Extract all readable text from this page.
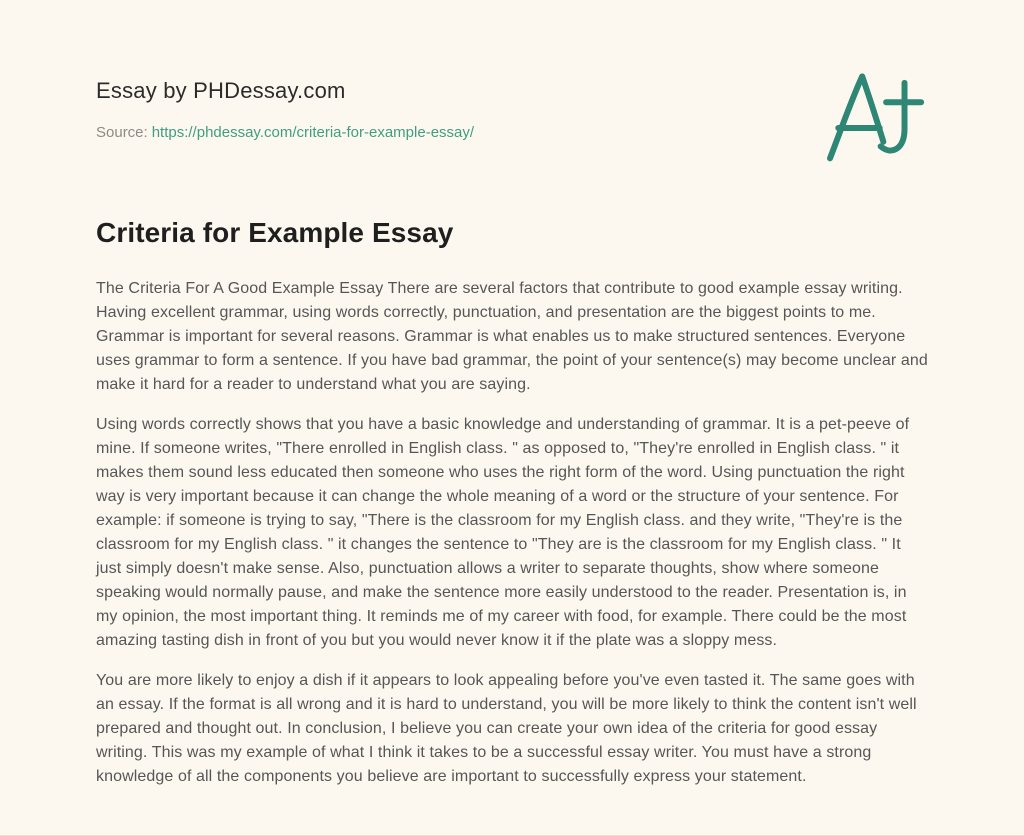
Essay by PHDessay.com
Source: https://phdessay.com/criteria-for-example-essay/
Criteria for Example Essay

The Criteria For A Good Example Essay There are several factors that contribute to good example essay writing. Having excellent grammar, using words correctly, punctuation, and presentation are the biggest points to me. Grammar is important for several reasons. Grammar is what enables us to make structured sentences. Everyone uses grammar to form a sentence. If you have bad grammar, the point of your sentence(s) may become unclear and make it hard for a reader to understand what you are saying.

Using words correctly shows that you have a basic knowledge and understanding of grammar. It is a pet-peeve of mine. If someone writes, "There enrolled in English class. " as opposed to, "They're enrolled in English class. " it makes them sound less educated then someone who uses the right form of the word. Using punctuation the right way is very important because it can change the whole meaning of a word or the structure of your sentence. For example: if someone is trying to say, "There is the classroom for my English class. and they write, "They're is the classroom for my English class. " it changes the sentence to "They are is the classroom for my English class. " It just simply doesn't make sense. Also, punctuation allows a writer to separate thoughts, show where someone speaking would normally pause, and make the sentence more easily understood to the reader. Presentation is, in my opinion, the most important thing. It reminds me of my career with food, for example. There could be the most amazing tasting dish in front of you but you would never know it if the plate was a sloppy mess.

You are more likely to enjoy a dish if it appears to look appealing before you've even tasted it. The same goes with an essay. If the format is all wrong and it is hard to understand, you will be more likely to think the content isn't well prepared and thought out. In conclusion, I believe you can create your own idea of the criteria for good essay writing. This was my example of what I think it takes to be a successful essay writer. You must have a strong knowledge of all the components you believe are important to successfully express your statement.
